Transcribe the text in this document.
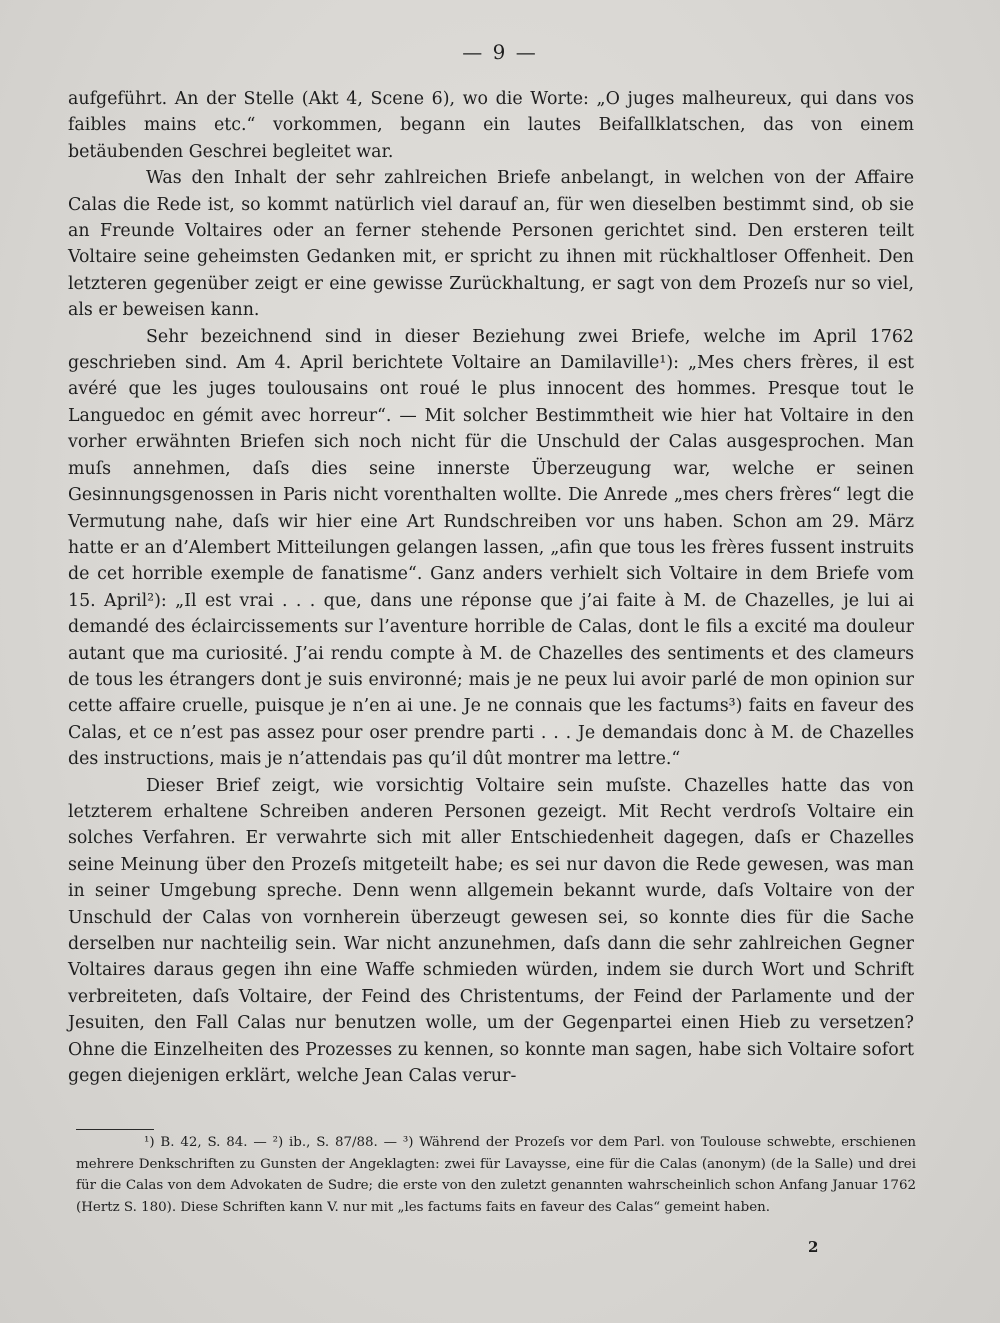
— 9 —

aufgeführt. An der Stelle (Akt 4, Scene 6), wo die Worte: „O juges malheureux, qui dans vos faibles mains etc.“ vorkommen, begann ein lautes Beifallklatschen, das von einem betäubenden Geschrei begleitet war.

Was den Inhalt der sehr zahlreichen Briefe anbelangt, in welchen von der Affaire Calas die Rede ist, so kommt natürlich viel darauf an, für wen dieselben bestimmt sind, ob sie an Freunde Voltaires oder an ferner stehende Personen gerichtet sind. Den ersteren teilt Voltaire seine geheimsten Gedanken mit, er spricht zu ihnen mit rückhaltloser Offenheit. Den letzteren gegenüber zeigt er eine gewisse Zurückhaltung, er sagt von dem Prozeſs nur so viel, als er beweisen kann.

Sehr bezeichnend sind in dieser Beziehung zwei Briefe, welche im April 1762 geschrieben sind. Am 4. April berichtete Voltaire an Damilaville¹): „Mes chers frères, il est avéré que les juges toulousains ont roué le plus innocent des hommes. Presque tout le Languedoc en gémit avec horreur“. — Mit solcher Bestimmtheit wie hier hat Voltaire in den vorher erwähnten Briefen sich noch nicht für die Unschuld der Calas ausgesprochen. Man muſs annehmen, daſs dies seine innerste Überzeugung war, welche er seinen Gesinnungsgenossen in Paris nicht vorenthalten wollte. Die Anrede „mes chers frères“ legt die Vermutung nahe, daſs wir hier eine Art Rundschreiben vor uns haben. Schon am 29. März hatte er an d’Alembert Mitteilungen gelangen lassen, „afin que tous les frères fussent instruits de cet horrible exemple de fanatisme“. Ganz anders verhielt sich Voltaire in dem Briefe vom 15. April²): „Il est vrai . . . que, dans une réponse que j’ai faite à M. de Chazelles, je lui ai demandé des éclaircissements sur l’aventure horrible de Calas, dont le fils a excité ma douleur autant que ma curiosité. J’ai rendu compte à M. de Chazelles des sentiments et des clameurs de tous les étrangers dont je suis environné; mais je ne peux lui avoir parlé de mon opinion sur cette affaire cruelle, puisque je n’en ai une. Je ne connais que les factums³) faits en faveur des Calas, et ce n’est pas assez pour oser prendre parti . . . Je demandais donc à M. de Chazelles des instructions, mais je n’attendais pas qu’il dût montrer ma lettre.“

Dieser Brief zeigt, wie vorsichtig Voltaire sein muſste. Chazelles hatte das von letzterem erhaltene Schreiben anderen Personen gezeigt. Mit Recht verdroſs Voltaire ein solches Verfahren. Er verwahrte sich mit aller Entschiedenheit dagegen, daſs er Chazelles seine Meinung über den Prozeſs mitgeteilt habe; es sei nur davon die Rede gewesen, was man in seiner Umgebung spreche. Denn wenn allgemein bekannt wurde, daſs Voltaire von der Unschuld der Calas von vornherein überzeugt gewesen sei, so konnte dies für die Sache derselben nur nachteilig sein. War nicht anzunehmen, daſs dann die sehr zahlreichen Gegner Voltaires daraus gegen ihn eine Waffe schmieden würden, indem sie durch Wort und Schrift verbreiteten, daſs Voltaire, der Feind des Christentums, der Feind der Parlamente und der Jesuiten, den Fall Calas nur benutzen wolle, um der Gegenpartei einen Hieb zu versetzen? Ohne die Einzelheiten des Prozesses zu kennen, so konnte man sagen, habe sich Voltaire sofort gegen diejenigen erklärt, welche Jean Calas verur-

¹) B. 42, S. 84. — ²) ib., S. 87/88. — ³) Während der Prozeſs vor dem Parl. von Toulouse schwebte, erschienen mehrere Denkschriften zu Gunsten der Angeklagten: zwei für Lavaysse, eine für die Calas (anonym) (de la Salle) und drei für die Calas von dem Advokaten de Sudre; die erste von den zuletzt genannten wahrscheinlich schon Anfang Januar 1762 (Hertz S. 180). Diese Schriften kann V. nur mit „les factums faits en faveur des Calas“ gemeint haben.

2
